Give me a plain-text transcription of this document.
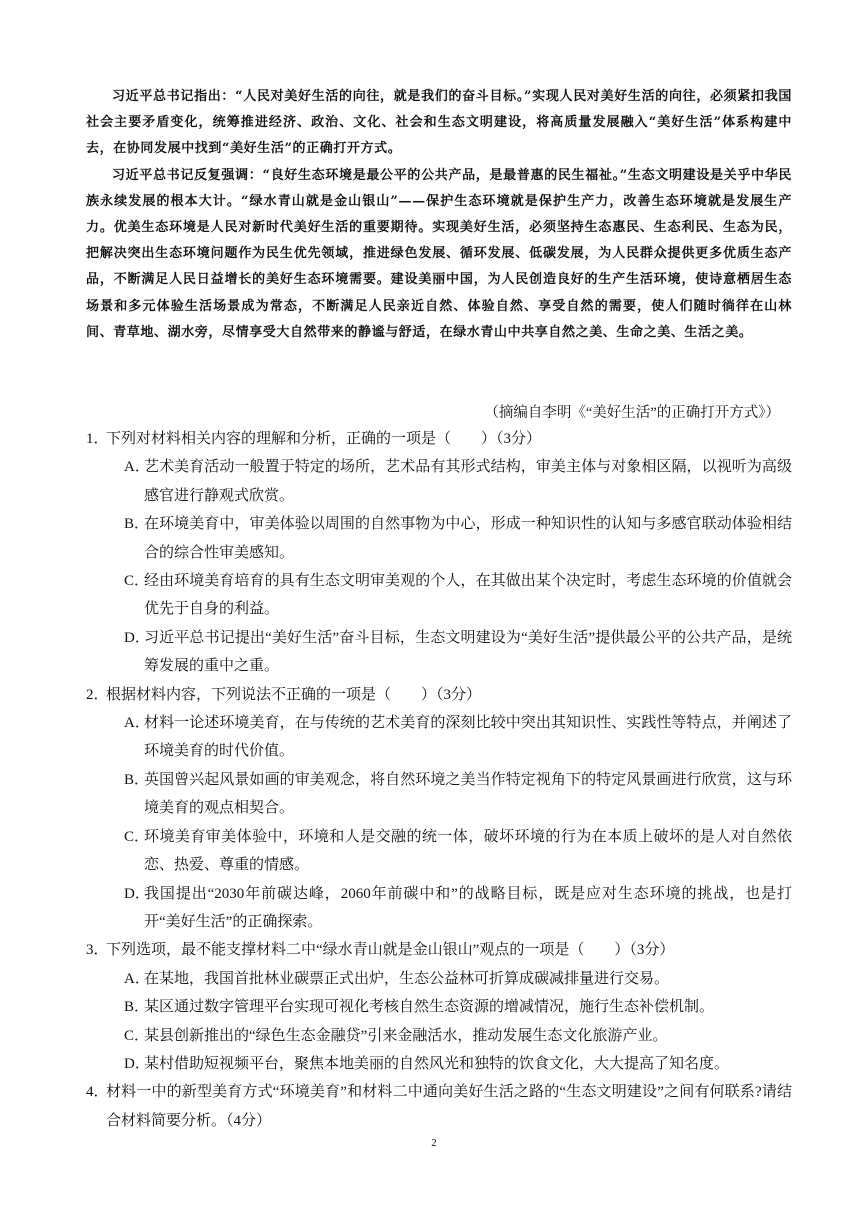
习近平总书记指出：“人民对美好生活的向往，就是我们的奋斗目标。”实现人民对美好生活的向往，必须紧扣我国社会主要矛盾变化，统筹推进经济、政治、文化、社会和生态文明建设，将高质量发展融入“美好生活”体系构建中去，在协同发展中找到“美好生活”的正确打开方式。

习近平总书记反复强调：“良好生态环境是最公平的公共产品，是最普惠的民生福祉。”生态文明建设是关乎中华民族永续发展的根本大计。“绿水青山就是金山银山”——保护生态环境就是保护生产力，改善生态环境就是发展生产力。优美生态环境是人民对新时代美好生活的重要期待。实现美好生活，必须坚持生态惠民、生态利民、生态为民，把解决突出生态环境问题作为民生优先领域，推进绿色发展、循环发展、低碳发展，为人民群众提供更多优质生态产品，不断满足人民日益增长的美好生态环境需要。建设美丽中国，为人民创造良好的生产生活环境，使诗意栖居生态场景和多元体验生活场景成为常态，不断满足人民亲近自然、体验自然、享受自然的需要，使人们随时徜徉在山林间、青草地、湖水旁，尽情享受大自然带来的静谧与舒适，在绿水青山中共享自然之美、生命之美、生活之美。

（摘编自李明《“美好生活”的正确打开方式》）
1．
下列对材料相关内容的理解和分析，正确的一项是（　　）（3分）
A．
艺术美育活动一般置于特定的场所，艺术品有其形式结构，审美主体与对象相区隔，以视听为高级感官进行静观式欣赏。
B．
在环境美育中，审美体验以周围的自然事物为中心，形成一种知识性的认知与多感官联动体验相结合的综合性审美感知。
C．
经由环境美育培育的具有生态文明审美观的个人，在其做出某个决定时，考虑生态环境的价值就会优先于自身的利益。
D．
习近平总书记提出“美好生活”奋斗目标，生态文明建设为“美好生活”提供最公平的公共产品，是统筹发展的重中之重。
2．
根据材料内容，下列说法不正确的一项是（　　）（3分）
A．
材料一论述环境美育，在与传统的艺术美育的深刻比较中突出其知识性、实践性等特点，并阐述了环境美育的时代价值。
B．
英国曾兴起风景如画的审美观念，将自然环境之美当作特定视角下的特定风景画进行欣赏，这与环境美育的观点相契合。
C．
环境美育审美体验中，环境和人是交融的统一体，破坏环境的行为在本质上破坏的是人对自然依恋、热爱、尊重的情感。
D．
我国提出“2030年前碳达峰，2060年前碳中和”的战略目标，既是应对生态环境的挑战，也是打开“美好生活”的正确探索。
3．
下列选项，最不能支撑材料二中“绿水青山就是金山银山”观点的一项是（　　）（3分）
A．
在某地，我国首批林业碳票正式出炉，生态公益林可折算成碳减排量进行交易。
B．
某区通过数字管理平台实现可视化考核自然生态资源的增减情况，施行生态补偿机制。
C．
某县创新推出的“绿色生态金融贷”引来金融活水，推动发展生态文化旅游产业。
D．
某村借助短视频平台，聚焦本地美丽的自然风光和独特的饮食文化，大大提高了知名度。
4．
材料一中的新型美育方式“环境美育”和材料二中通向美好生活之路的“生态文明建设”之间有何联系?请结合材料简要分析。（4分）
2
